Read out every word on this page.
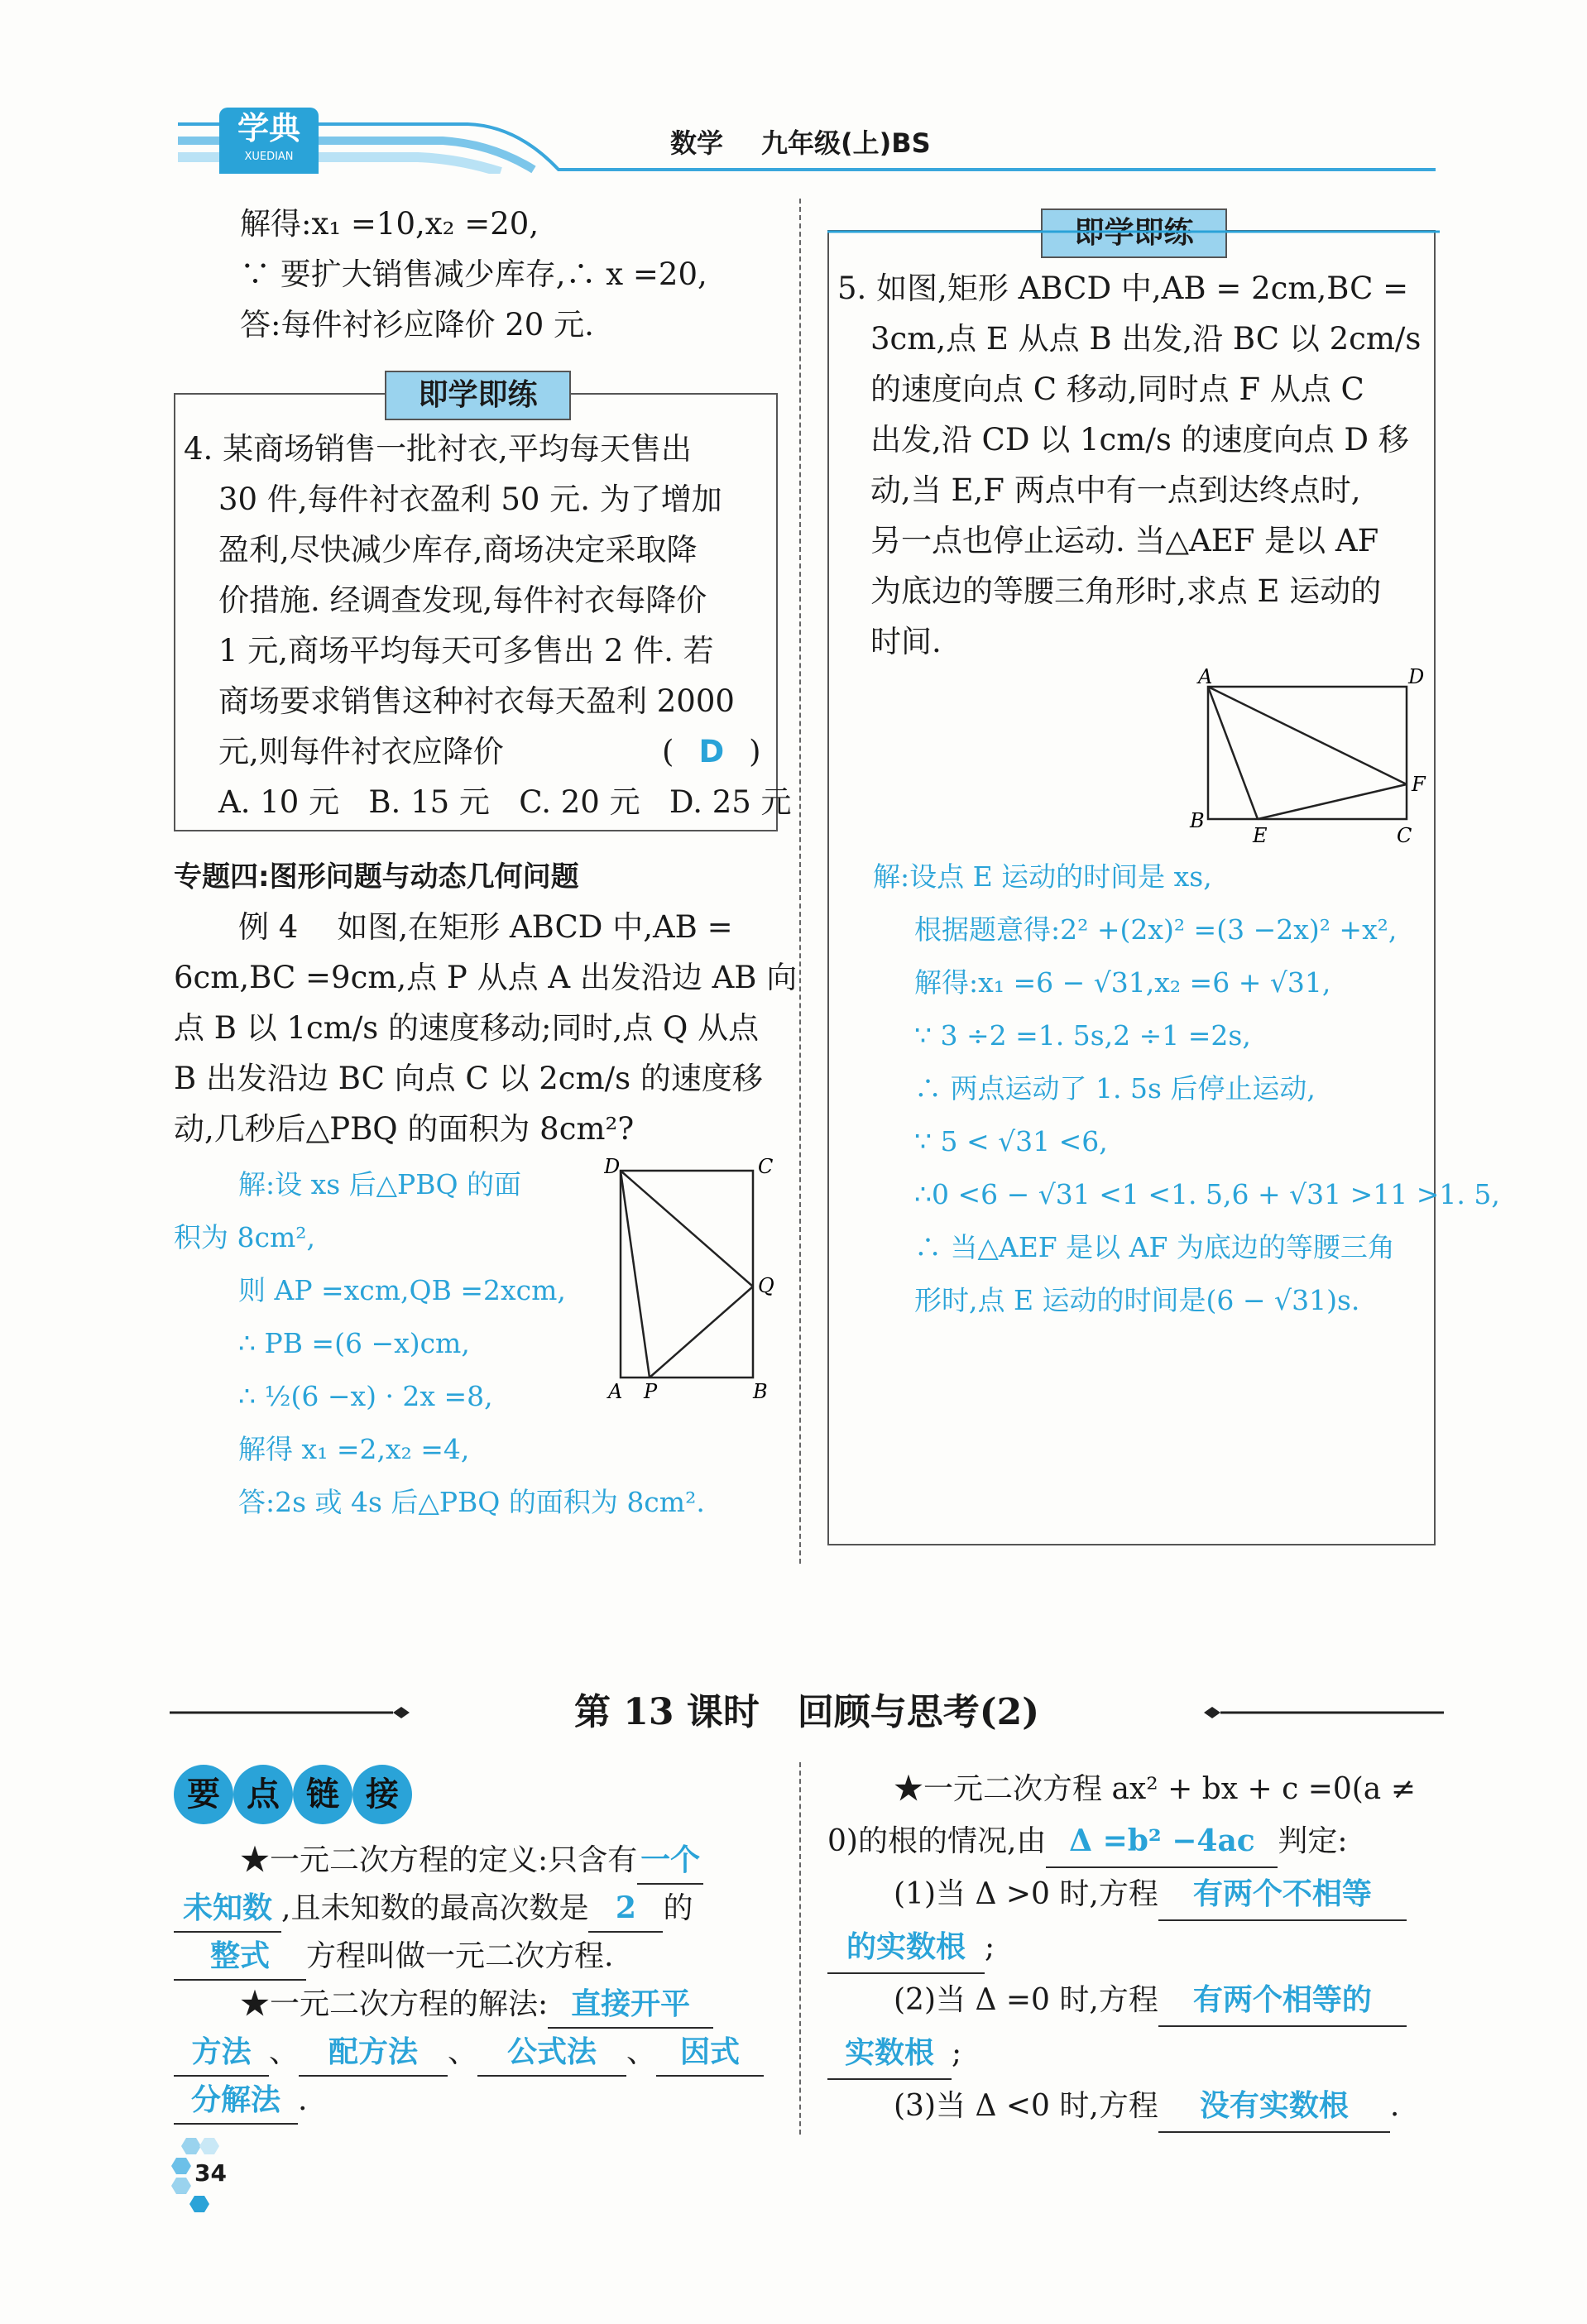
学典
XUEDIAN	数学 九年级(上)BS
解得:x₁ =10,x₂ =20,
∵ 要扩大销售减少库存,∴ x =20,
答:每件衬衫应降价 20 元.
即学即练
4. 某商场销售一批衬衣,平均每天售出
30 件,每件衬衣盈利 50 元. 为了增加
盈利,尽快减少库存,商场决定采取降
价措施. 经调查发现,每件衬衣每降价
1 元,商场平均每天可多售出 2 件. 若
商场要求销售这种衬衣每天盈利 2000
元,则每件衬衣应降价	( D )
A. 10 元   B. 15 元   C. 20 元   D. 25 元
专题四:图形问题与动态几何问题
例 4    如图,在矩形 ABCD 中,AB =
6cm,BC =9cm,点 P 从点 A 出发沿边 AB 向
点 B 以 1cm/s 的速度移动;同时,点 Q 从点
B 出发沿边 BC 向点 C 以 2cm/s 的速度移
动,几秒后△PBQ 的面积为 8cm²?
解:设 xs 后△PBQ 的面
积为 8cm²,
则 AP =xcm,QB =2xcm,
∴ PB =(6 −x)cm,
∴ ½(6 −x) · 2x =8,
解得 x₁ =2,x₂ =4,
答:2s 或 4s 后△PBQ 的面积为 8cm².
D	C
Q
A P	B
即学即练
5. 如图,矩形 ABCD 中,AB = 2cm,BC =
3cm,点 E 从点 B 出发,沿 BC 以 2cm/s
的速度向点 C 移动,同时点 F 从点 C
出发,沿 CD 以 1cm/s 的速度向点 D 移
动,当 E,F 两点中有一点到达终点时,
另一点也停止运动. 当△AEF 是以 AF
为底边的等腰三角形时,求点 E 运动的
时间.
A	D
F
B
E	C
解:设点 E 运动的时间是 xs,
根据题意得:2² +(2x)² =(3 −2x)² +x²,
解得:x₁ =6 − √31,x₂ =6 + √31,
∵ 3 ÷2 =1. 5s,2 ÷1 =2s,
∴ 两点运动了 1. 5s 后停止运动,
∵ 5 < √31 <6,
∴0 <6 − √31 <1 <1. 5,6 + √31 >11 >1. 5,
∴ 当△AEF 是以 AF 为底边的等腰三角
形时,点 E 运动的时间是(6 − √31)s.
第 13 课时   回顾与思考(2)
要 点 链 接
★一元二次方程的定义:只含有 一个
未知数 ,且未知数的最高次数是 2 的
整式 方程叫做一元二次方程.
★一元二次方程的解法: 直接开平
方法 、 配方法 、 公式法 、 因式
分解法 .
★一元二次方程 ax² + bx + c =0(a ≠
0)的根的情况,由 Δ =b² −4ac 判定:
(1)当 Δ >0 时,方程 有两个不相等
的实数根 ;
(2)当 Δ =0 时,方程 有两个相等的
实数根 ;
(3)当 Δ <0 时,方程 没有实数根 .
34
